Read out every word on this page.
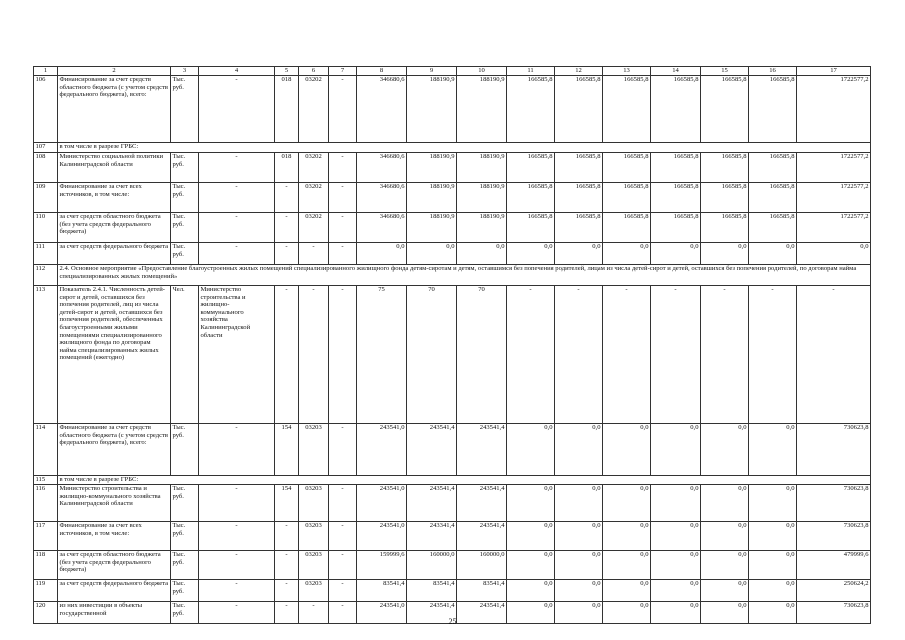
1	2	3	4	5	6	7	8	9	10	11	12	13	14	15	16	17
106	Финансирование за счет средств областного бюджета (с учетом средств федерального бюджета), всего:	Тыс. руб.	-	018	03202	-	346680,6	188190,9	188190,9	166585,8	166585,8	166585,8	166585,8	166585,8	166585,8	1722577,2
107	в том числе в разрезе ГРБС:															
108	Министерство социальной политики Калининградской области	Тыс. руб.	-	018	03202	-	346680,6	188190,9	188190,9	166585,8	166585,8	166585,8	166585,8	166585,8	166585,8	1722577,2
109	Финансирование за счет всех источников, в том числе:	Тыс. руб.	-	-	03202	-	346680,6	188190,9	188190,9	166585,8	166585,8	166585,8	166585,8	166585,8	166585,8	1722577,2
110	за счет средств областного бюджета (без учета средств федерального бюджета)	Тыс. руб.	-	-	03202	-	346680,6	188190,9	188190,9	166585,8	166585,8	166585,8	166585,8	166585,8	166585,8	1722577,2
111	за счет средств федерального бюджета	Тыс. руб.	-	-	-	-	0,0	0,0	0,0	0,0	0,0	0,0	0,0	0,0	0,0	0,0
112	2.4. Основное мероприятие «Предоставление благоустроенных жилых помещений специализированного жилищного фонда детям-сиротам и детям, оставшимся без попечения родителей, лицам из числа детей-сирот и детей, оставшихся без попечения родителей, по договорам найма специализированных жилых помещений»															
113	Показатель 2.4.1. Численность детей-сирот и детей, оставшихся без попечения родителей, лиц из числа детей-сирот и детей, оставшихся без попечения родителей, обеспеченных благоустроенными жилыми помещениями специализированного жилищного фонда по договорам найма специализированных жилых помещений (ежегодно)	Чел.	Министерство строительства и жилищно-коммунального хозяйства Калининградской области	-	-	-	75	70	70	-	-	-	-	-	-	-
114	Финансирование за счет средств областного бюджета (с учетом средств федерального бюджета), всего:	Тыс. руб.	-	154	03203	-	243541,0	243541,4	243541,4	0,0	0,0	0,0	0,0	0,0	0,0	730623,8
115	в том числе в разрезе ГРБС:															
116	Министерство строительства и жилищно-коммунального хозяйства Калининградской области	Тыс. руб.	-	154	03203	-	243541,0	243541,4	243541,4	0,0	0,0	0,0	0,0	0,0	0,0	730623,8
117	Финансирование за счет всех источников, в том числе:	Тыс. руб.	-	-	03203	-	243541,0	243341,4	243541,4	0,0	0,0	0,0	0,0	0,0	0,0	730623,8
118	за счет средств областного бюджета (без учета средств федерального бюджета)	Тыс. руб.	-	-	03203	-	159999,6	160000,0	160000,0	0,0	0,0	0,0	0,0	0,0	0,0	479999,6
119	за счет средств федерального бюджета	Тыс. руб.	-	-	03203	-	83541,4	83541,4	83541,4	0,0	0,0	0,0	0,0	0,0	0,0	250624,2
120	из них инвестиции в объекты государственной	Тыс. руб.	-	-	-	-	243541,0	243541,4	243541,4	0,0	0,0	0,0	0,0	0,0	0,0	730623,8
25
